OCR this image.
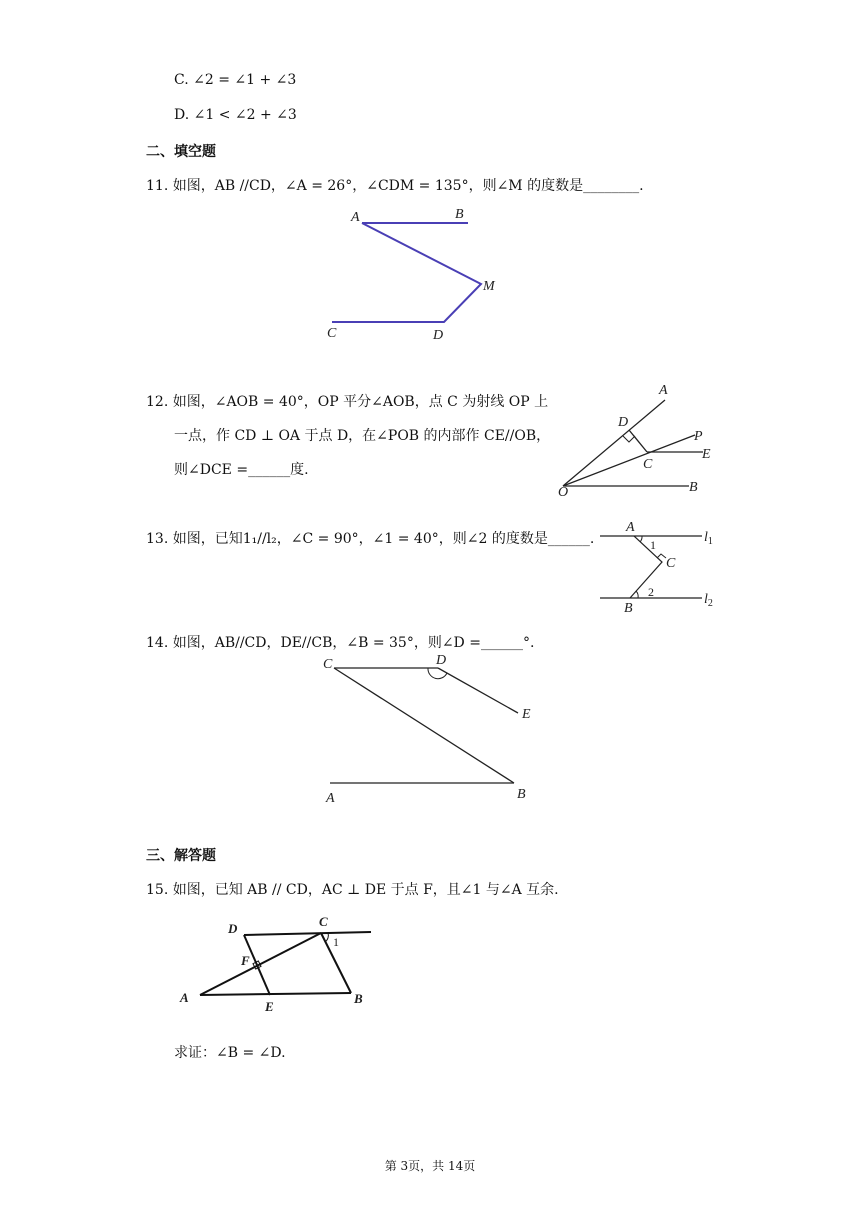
C. ∠2 = ∠1 + ∠3
D. ∠1 < ∠2 + ∠3
二、填空题
11. 如图，AB //CD，∠A = 26°，∠CDM = 135°，则∠M 的度数是________.
A	B
M
C	D
12. 如图，∠AOB = 40°，OP 平分∠AOB，点 C 为射线 OP 上
一点，作 CD ⊥ OA 于点 D，在∠POB 的内部作 CE//OB，
则∠DCE =______度.
A
D
P
C
E
O	B
13. 如图，已知1₁//l₂，∠C = 90°，∠1 = 40°，则∠2 的度数是______.
A
1	$l_1$
C
2	$l_2$
B
14. 如图，AB//CD，DE//CB，∠B = 35°，则∠D =______°.
C	D
E
A	B
三、解答题
15. 如图，已知 AB // CD，AC ⊥ DE 于点 F，且∠1 与∠A 互余.
D	C
1
F
A
E
B
求证：∠B = ∠D.
第 3页，共 14页
